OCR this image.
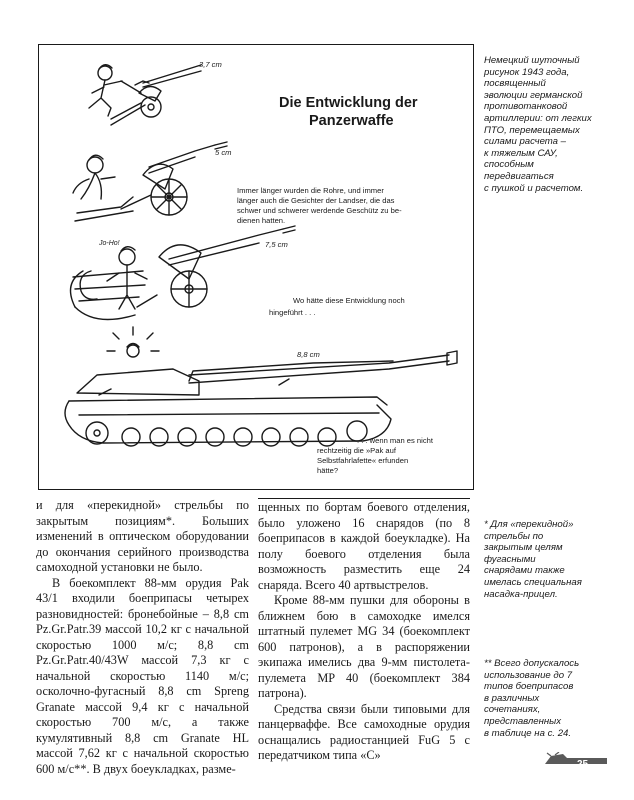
3,7 cm
5 cm
7,5 cm
8,8 cm
Jo-Ho!
Die Entwicklung der
Panzerwaffe
Immer länger wurden die Rohre, und immer
länger auch die Gesichter der Landser, die das
schwer und schwerer werdende Geschütz zu be-
dienen hatten.
Wo hätte diese Entwicklung noch
hingeführt . . .
. . . wenn man es nicht
rechtzeitig die »Pak auf
Selbstfahrlafette« erfunden
hätte?

Немецкий шуточный

рисунок 1943 года,

посвященный

эволюции германской

противотанковой

артиллерии: от легких

ПТО, перемещаемых

силами расчета –

к тяжелым САУ,

способным

передвигаться

с пушкой и расчетом.

* Для «перекидной»

стрельбы по

закрытым целям

фугасными

снарядами также

имелась специальная

насадка-прицел.

** Всего допускалось

использование до 7

типов боеприпасов

в различных

сочетаниях,

представленных

в таблице на с. 24.

и для «перекидной» стрельбы по закрытым позициям*. Больших изменений в оптическом оборудовании до окончания серийного производства самоходной установки не было.

В боекомплект 88-мм орудия Pak 43/1 входили боеприпасы четырех разновидностей: бронебойные – 8,8 cm Pz.Gr.Patr.39 массой 10,2 кг с начальной скоростью 1000 м/с; 8,8 cm Pz.Gr.Patr.40/43W массой 7,3 кг с начальной скоростью 1140 м/с; осколочно-фугасный 8,8 cm Spreng Granate массой 9,4 кг с начальной скоростью 700 м/с, а также кумулятивный 8,8 cm Granate HL массой 7,62 кг с начальной скоростью 600 м/с**. В двух боеукладках, разме-

щенных по бортам боевого отделения, было уложено 16 снарядов (по 8 боеприпасов в каждой боеукладке). На полу боевого отделения была возможность разместить еще 24 снаряда. Всего 40 артвыстрелов.

Кроме 88-мм пушки для обороны в ближнем бою в самоходке имелся штатный пулемет MG 34 (боекомплект 600 патронов), а в распоряжении экипажа имелись два 9-мм пистолета-пулемета MP 40 (боекомплект 384 патрона).

Средства связи были типовыми для панцерваффе. Все самоходные орудия оснащались радиостанцией FuG 5 с передатчиком типа «С»

25
